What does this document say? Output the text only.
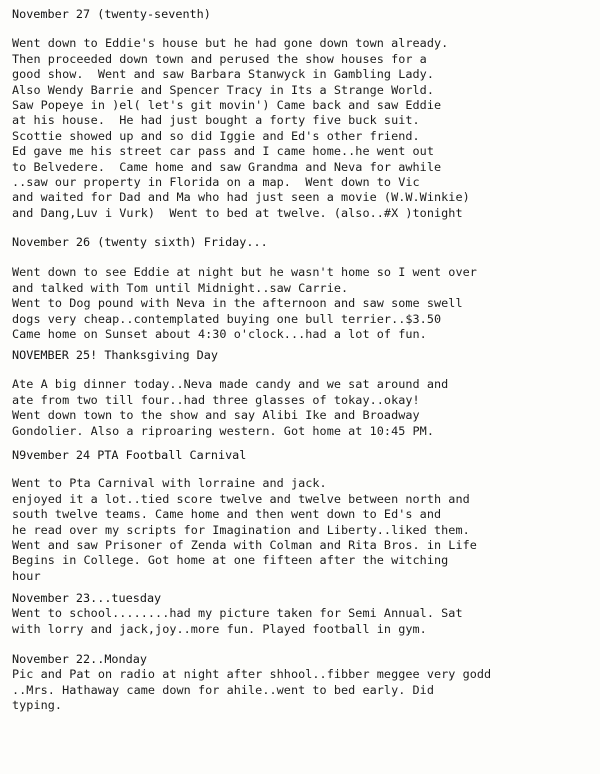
November 27 (twenty-seventh)
Went down to Eddie's house but he had gone down town already.
Then proceeded down town and perused the show houses for a
good show.  Went and saw Barbara Stanwyck in Gambling Lady.
Also Wendy Barrie and Spencer Tracy in Its a Strange World.
Saw Popeye in )el( let's git movin') Came back and saw Eddie
at his house.  He had just bought a forty five buck suit.
Scottie showed up and so did Iggie and Ed's other friend.
Ed gave me his street car pass and I came home..he went out
to Belvedere.  Came home and saw Grandma and Neva for awhile
..saw our property in Florida on a map.  Went down to Vic
and waited for Dad and Ma who had just seen a movie (W.W.Winkie)
and Dang,Luv i Vurk)  Went to bed at twelve. (also..#X )tonight
November 26 (twenty sixth) Friday...
Went down to see Eddie at night but he wasn't home so I went over
and talked with Tom until Midnight..saw Carrie.
Went to Dog pound with Neva in the afternoon and saw some swell
dogs very cheap..contemplated buying one bull terrier..$3.50
Came home on Sunset about 4:30 o'clock...had a lot of fun.
NOVEMBER 25! Thanksgiving Day
Ate A big dinner today..Neva made candy and we sat around and
ate from two till four..had three glasses of tokay..okay!
Went down town to the show and say Alibi Ike and Broadway
Gondolier. Also a riproaring western. Got home at 10:45 PM.
N9vember 24 PTA Football Carnival
Went to Pta Carnival with lorraine and jack.
enjoyed it a lot..tied score twelve and twelve between north and
south twelve teams. Came home and then went down to Ed's and
he read over my scripts for Imagination and Liberty..liked them.
Went and saw Prisoner of Zenda with Colman and Rita Bros. in Life
Begins in College. Got home at one fifteen after the witching
hour
November 23...tuesday
Went to school........had my picture taken for Semi Annual. Sat
with lorry and jack,joy..more fun. Played football in gym.
November 22..Monday
Pic and Pat on radio at night after shhool..fibber meggee very godd
..Mrs. Hathaway came down for ahile..went to bed early. Did
typing.
